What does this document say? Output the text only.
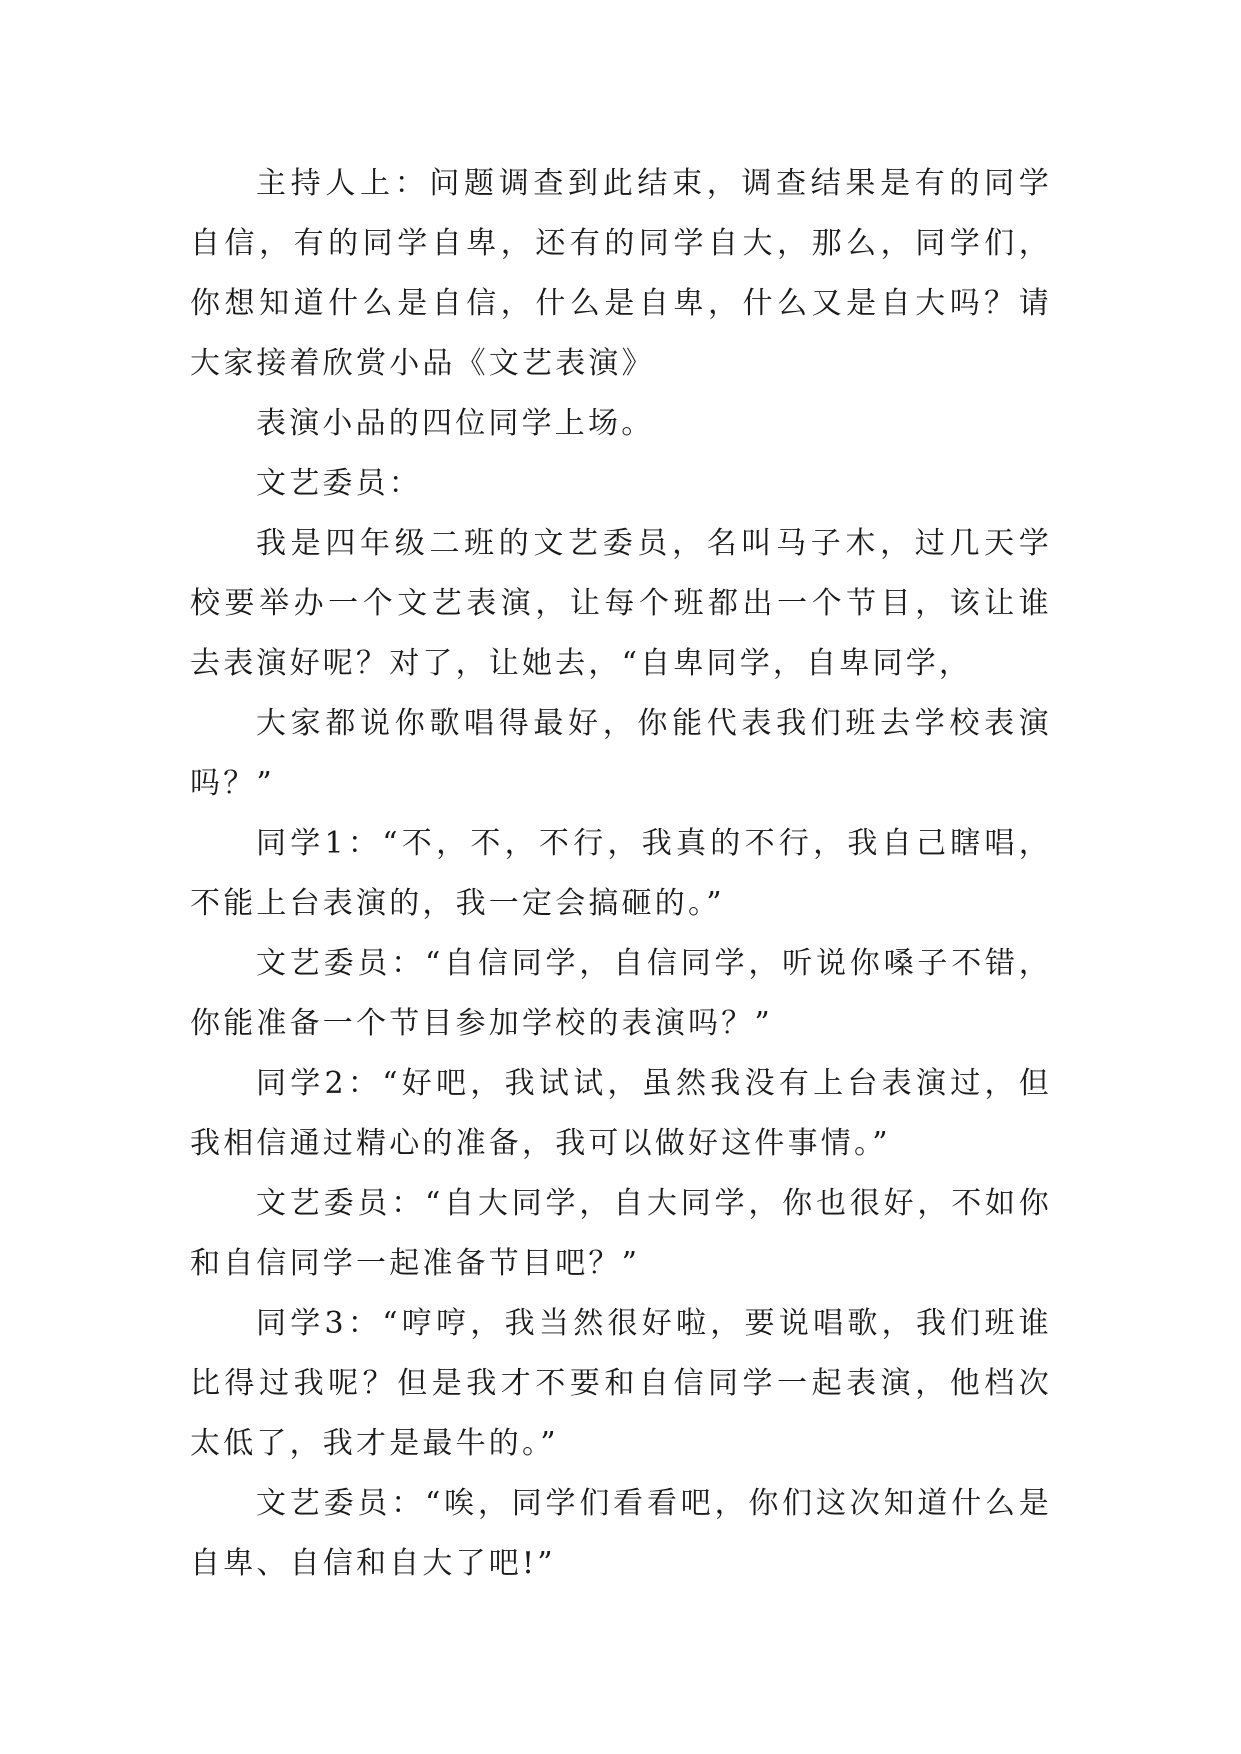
主持人上：问题调查到此结束，调查结果是有的同学自信，有的同学自卑，还有的同学自大，那么，同学们，你想知道什么是自信，什么是自卑，什么又是自大吗？请大家接着欣赏小品《文艺表演》

表演小品的四位同学上场。

文艺委员：

我是四年级二班的文艺委员，名叫马子木，过几天学校要举办一个文艺表演，让每个班都出一个节目，该让谁去表演好呢？对了，让她去，“自卑同学，自卑同学，

大家都说你歌唱得最好，你能代表我们班去学校表演吗？”

同学1：“不，不，不行，我真的不行，我自己瞎唱，不能上台表演的，我一定会搞砸的。”

文艺委员：“自信同学，自信同学，听说你嗓子不错，你能准备一个节目参加学校的表演吗？”

同学2：“好吧，我试试，虽然我没有上台表演过，但我相信通过精心的准备，我可以做好这件事情。”

文艺委员：“自大同学，自大同学，你也很好，不如你和自信同学一起准备节目吧？”

同学3：“哼哼，我当然很好啦，要说唱歌，我们班谁比得过我呢？但是我才不要和自信同学一起表演，他档次太低了，我才是最牛的。”

文艺委员：“唉，同学们看看吧，你们这次知道什么是自卑、自信和自大了吧!”
